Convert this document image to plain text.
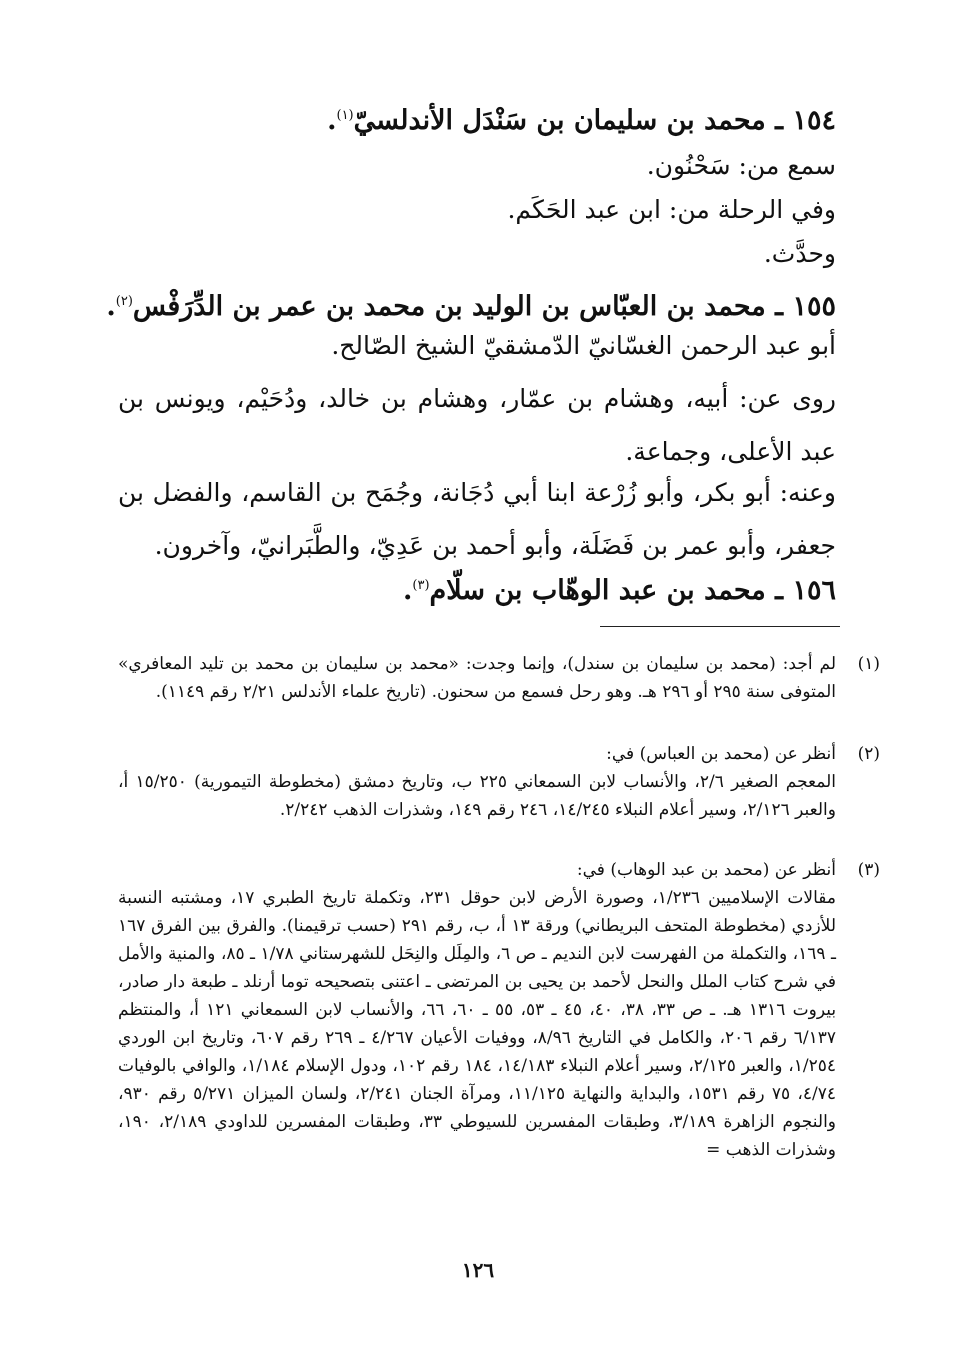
١٥٤ ـ محمد بن سليمان بن سَنْدَل الأندلسيّ$^{(١)}$.
سمع من: سَحْنُون.
وفي الرحلة من: ابن عبد الحَكَم.
وحدَّث.
١٥٥ ـ محمد بن العبّاس بن الوليد بن محمد بن عمر بن الدِّرَفْس$^{(٢)}$.
أبو عبد الرحمن الغسّانيّ الدّمشقيّ الشيخ الصّالح.
روى عن: أبيه، وهشام بن عمّار، وهشام بن خالد، ودُحَيْم، ويونس بن عبد الأعلى، وجماعة.
وعنه: أبو بكر، وأبو زُرْعة ابنا أبي دُجَانة، وجُمَح بن القاسم، والفضل بن جعفر، وأبو عمر بن فَضَلَة، وأبو أحمد بن عَدِيّ، والطَّبَرانيّ، وآخرون.
١٥٦ ـ محمد بن عبد الوهّاب بن سلّام$^{(٣)}$.
(١)
لم أجد: (محمد بن سليمان بن سندل)، وإنما وجدت: «محمد بن سليمان بن محمد بن تليد المعافري» المتوفى سنة ٢٩٥ أو ٢٩٦ هـ. وهو رحل فسمع من سحنون. (تاريخ علماء الأندلس ٢/٢١ رقم ١١٤٩).
(٢)
أنظر عن (محمد بن العباس) في:
المعجم الصغير ٢/٦، والأنساب لابن السمعاني ٢٢٥ ب، وتاريخ دمشق (مخطوطة التيمورية) ١٥/٢٥٠ أ، والعبر ٢/١٢٦، وسير أعلام النبلاء ١٤/٢٤٥، ٢٤٦ رقم ١٤٩، وشذرات الذهب ٢/٢٤٢.
(٣)
أنظر عن (محمد بن عبد الوهاب) في:
مقالات الإسلاميين ١/٢٣٦، وصورة الأرض لابن حوقل ٢٣١، وتكملة تاريخ الطبري ١٧، ومشتبه النسبة للأزدي (مخطوطة المتحف البريطاني) ورقة ١٣ أ، ب، رقم ٢٩١ (حسب ترقيمنا). والفرق بين الفرق ١٦٧ ـ ١٦٩، والتكملة من الفهرست لابن النديم ـ ص ٦، والمِلَل والنِحَل للشهرستاني ١/٧٨ ـ ٨٥، والمنية والأمل في شرح كتاب الملل والنحل لأحمد بن يحيى بن المرتضى ـ اعتنى بتصحيحه توما أرنلد ـ طبعة دار صادر، بيروت ١٣١٦ هـ. ـ ص ٣٣، ٣٨، ٤٠، ٤٥ ـ ٥٣، ٥٥ ـ ٦٠، ٦٦، والأنساب لابن السمعاني ١٢١ أ، والمنتظم ٦/١٣٧ رقم ٢٠٦، والكامل في التاريخ ٨/٩٦، ووفيات الأعيان ٤/٢٦٧ ـ ٢٦٩ رقم ٦٠٧، وتاريخ ابن الوردي ١/٢٥٤، والعبر ٢/١٢٥، وسير أعلام النبلاء ١٤/١٨٣، ١٨٤ رقم ١٠٢، ودول الإسلام ١/١٨٤، والوافي بالوفيات ٤/٧٤، ٧٥ رقم ١٥٣١، والبداية والنهاية ١١/١٢٥، ومرآة الجنان ٢/٢٤١، ولسان الميزان ٥/٢٧١ رقم ٩٣٠، والنجوم الزاهرة ٣/١٨٩، وطبقات المفسرين للسيوطي ٣٣، وطبقات المفسرين للداودي ٢/١٨٩، ١٩٠، وشذرات الذهب =
١٢٦
